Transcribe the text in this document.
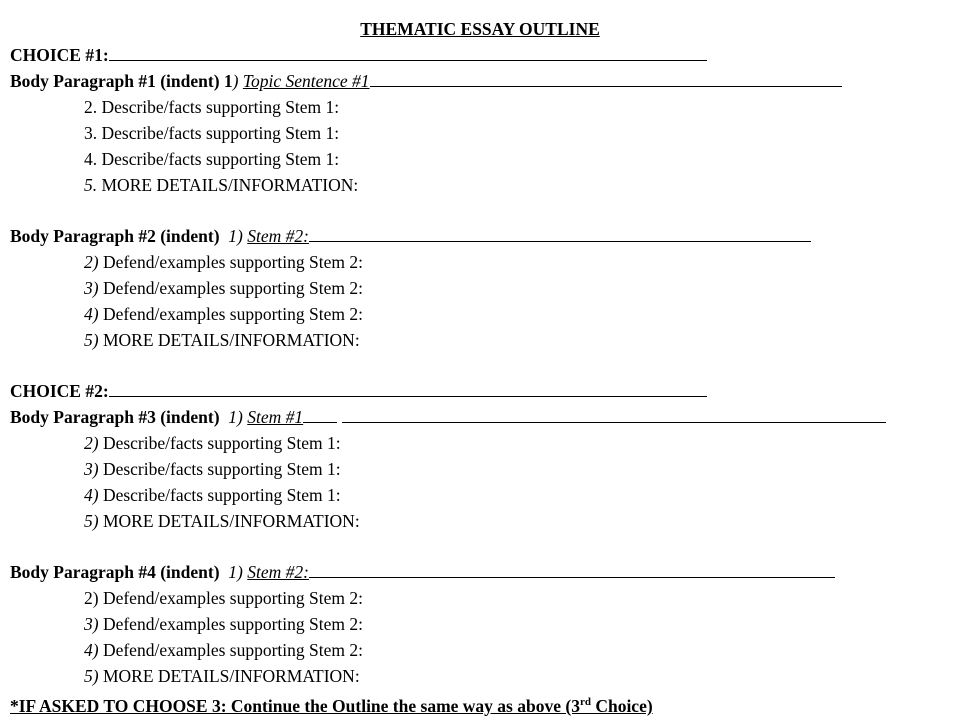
THEMATIC ESSAY OUTLINE
CHOICE #1:
Body Paragraph #1 (indent) 1) Topic Sentence #1
2. Describe/facts supporting Stem 1:
3. Describe/facts supporting Stem 1:
4. Describe/facts supporting Stem 1:
5. MORE DETAILS/INFORMATION:
Body Paragraph #2 (indent) 1) Stem #2:
2) Defend/examples supporting Stem 2:
3) Defend/examples supporting Stem 2:
4) Defend/examples supporting Stem 2:
5) MORE DETAILS/INFORMATION:
CHOICE #2:
Body Paragraph #3 (indent) 1) Stem #1
2) Describe/facts supporting Stem 1:
3) Describe/facts supporting Stem 1:
4) Describe/facts supporting Stem 1:
5) MORE DETAILS/INFORMATION:
Body Paragraph #4 (indent) 1) Stem #2:
2) Defend/examples supporting Stem 2:
3) Defend/examples supporting Stem 2:
4) Defend/examples supporting Stem 2:
5) MORE DETAILS/INFORMATION:
*IF ASKED TO CHOOSE 3: Continue the Outline the same way as above (3rd Choice)
